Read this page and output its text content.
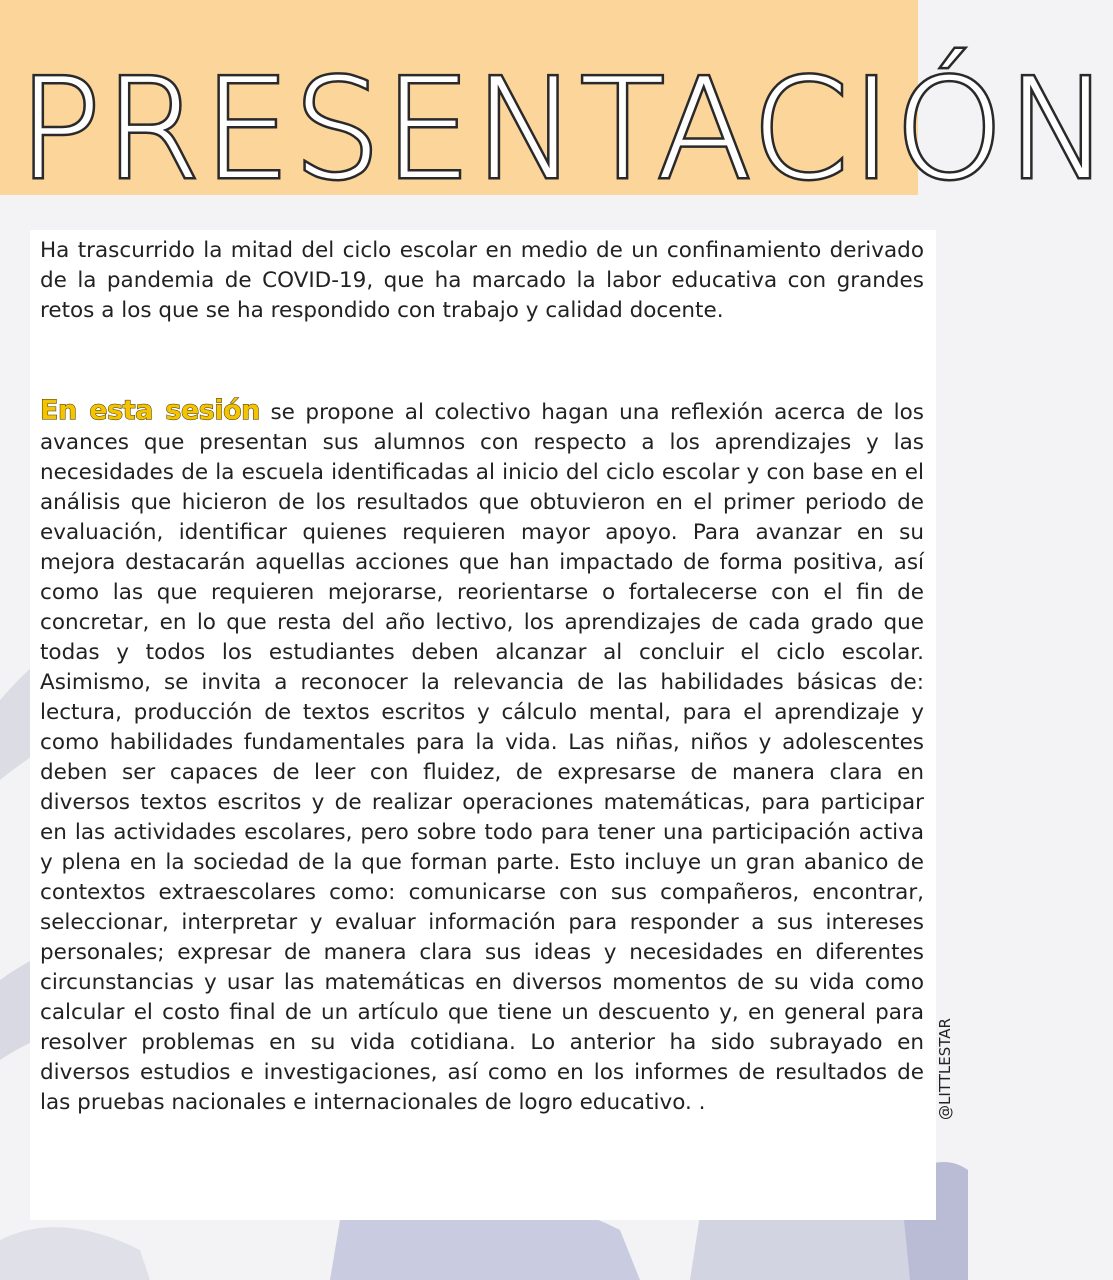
PRESENTACIÓN

Ha trascurrido la mitad del ciclo escolar en medio de un confinamiento derivado de la pandemia de COVID-19, que ha marcado la labor educativa con grandes retos a los que se ha respondido con trabajo y calidad docente.

En esta sesión se propone al colectivo hagan una reflexión acerca de los avances que presentan sus alumnos con respecto a los aprendizajes y las necesidades de la escuela identificadas al inicio del ciclo escolar y con base en el análisis que hicieron de los resultados que obtuvieron en el primer periodo de evaluación, identificar quienes requieren mayor apoyo. Para avanzar en su mejora destacarán aquellas acciones que han impactado de forma positiva, así como las que requieren mejorarse, reorientarse o fortalecerse con el fin de concretar, en lo que resta del año lectivo, los aprendizajes de cada grado que todas y todos los estudiantes deben alcanzar al concluir el ciclo escolar. Asimismo, se invita a reconocer la relevancia de las habilidades básicas de: lectura, producción de textos escritos y cálculo mental, para el aprendizaje y como habilidades fundamentales para la vida. Las niñas, niños y adolescentes deben ser capaces de leer con fluidez, de expresarse de manera clara en diversos textos escritos y de realizar operaciones matemáticas, para participar en las actividades escolares, pero sobre todo para tener una participación activa y plena en la sociedad de la que forman parte. Esto incluye un gran abanico de contextos extraescolares como: comunicarse con sus compañeros, encontrar, seleccionar, interpretar y evaluar información para responder a sus intereses personales; expresar de manera clara sus ideas y necesidades en diferentes circunstancias y usar las matemáticas en diversos momentos de su vida como calcular el costo final de un artículo que tiene un descuento y, en general para resolver problemas en su vida cotidiana. Lo anterior ha sido subrayado en diversos estudios e investigaciones, así como en los informes de resultados de las pruebas nacionales e internacionales de logro educativo. .	@LITTLESTAR
